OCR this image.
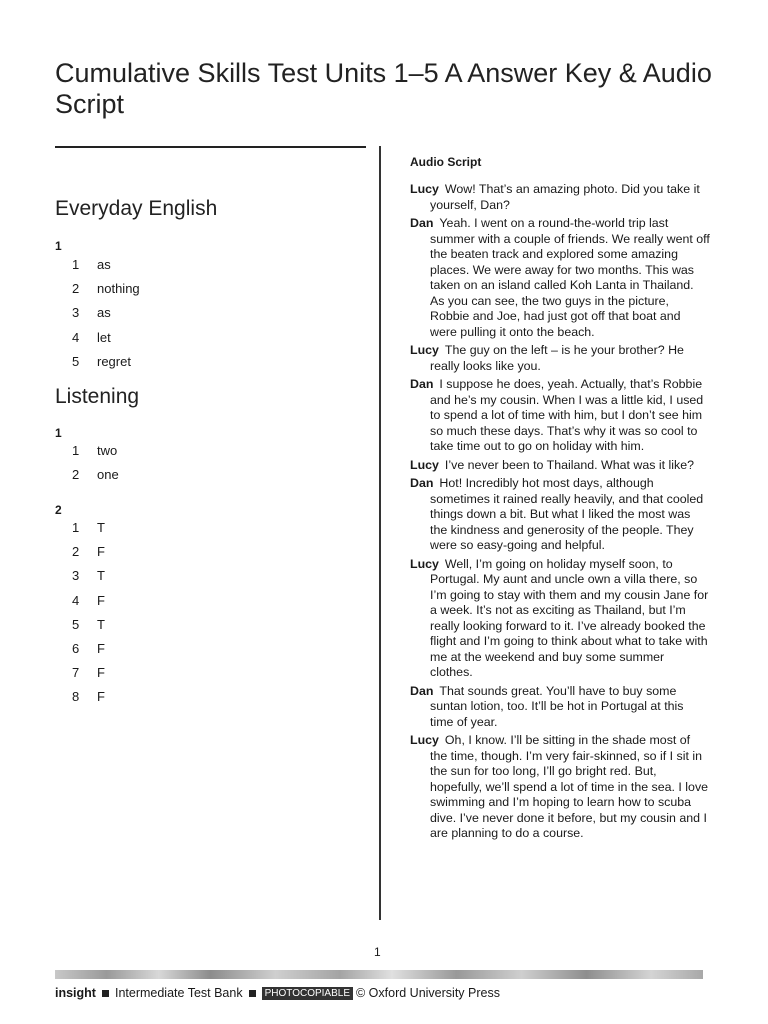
Cumulative Skills Test Units 1–5 A Answer Key & Audio Script
Everyday English
1
1	as
2	nothing
3	as
4	let
5	regret
Listening
1
1	two
2	one
2
1	T
2	F
3	T
4	F
5	T
6	F
7	F
8	F
Audio Script
Lucy Wow! That’s an amazing photo. Did you take it yourself, Dan?
Dan Yeah. I went on a round-the-world trip last summer with a couple of friends. We really went off the beaten track and explored some amazing places. We were away for two months. This was taken on an island called Koh Lanta in Thailand. As you can see, the two guys in the picture, Robbie and Joe, had just got off that boat and were pulling it onto the beach.
Lucy The guy on the left – is he your brother? He really looks like you.
Dan I suppose he does, yeah. Actually, that’s Robbie and he’s my cousin. When I was a little kid, I used to spend a lot of time with him, but I don’t see him so much these days. That’s why it was so cool to take time out to go on holiday with him.
Lucy I’ve never been to Thailand. What was it like?
Dan Hot! Incredibly hot most days, although sometimes it rained really heavily, and that cooled things down a bit. But what I liked the most was the kindness and generosity of the people. They were so easy-going and helpful.
Lucy Well, I’m going on holiday myself soon, to Portugal. My aunt and uncle own a villa there, so I’m going to stay with them and my cousin Jane for a week. It’s not as exciting as Thailand, but I’m really looking forward to it. I’ve already booked the flight and I’m going to think about what to take with me at the weekend and buy some summer clothes.
Dan That sounds great. You’ll have to buy some suntan lotion, too. It’ll be hot in Portugal at this time of year.
Lucy Oh, I know. I’ll be sitting in the shade most of the time, though. I’m very fair-skinned, so if I sit in the sun for too long, I’ll go bright red. But, hopefully, we’ll spend a lot of time in the sea. I love swimming and I’m hoping to learn how to scuba dive. I’ve never done it before, but my cousin and I are planning to do a course.
1
insight Intermediate Test Bank	PHOTOCOPIABLE © Oxford University Press
